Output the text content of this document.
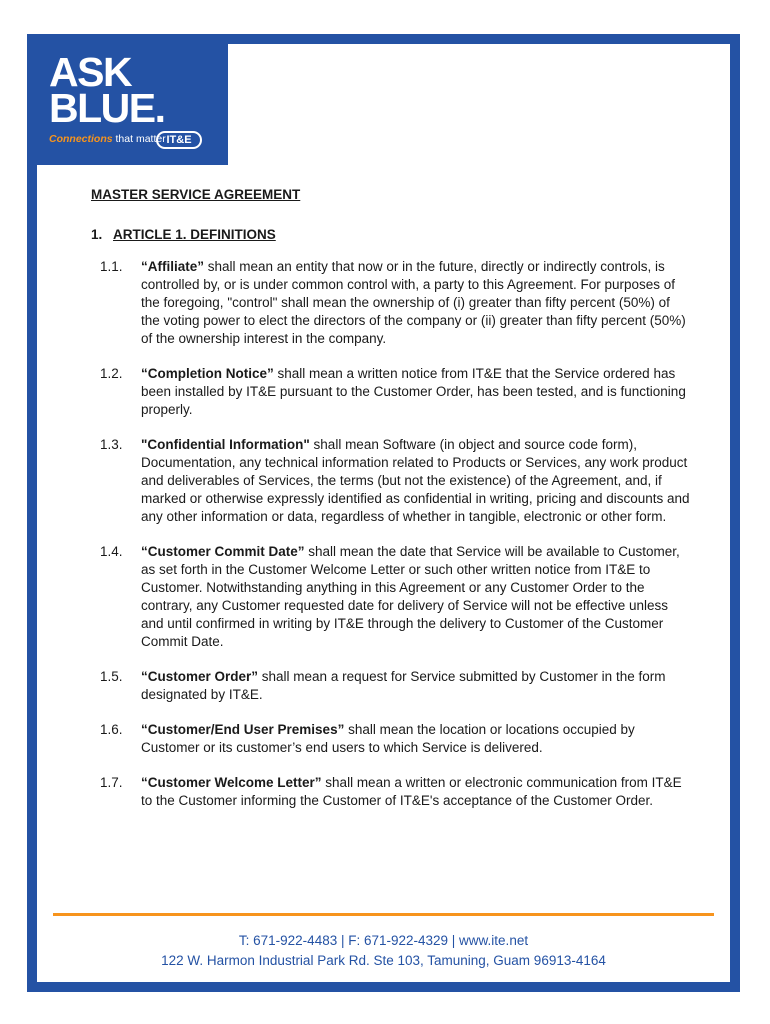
ASK
BLUE.
Connections that matter IT&E
MASTER SERVICE AGREEMENT
1. ARTICLE 1. DEFINITIONS
1.1. “Affiliate” shall mean an entity that now or in the future, directly or indirectly controls, is controlled by, or is under common control with, a party to this Agreement. For purposes of the foregoing, "control" shall mean the ownership of (i) greater than fifty percent (50%) of the voting power to elect the directors of the company or (ii) greater than fifty percent (50%) of the ownership interest in the company.
1.2. “Completion Notice” shall mean a written notice from IT&E that the Service ordered has been installed by IT&E pursuant to the Customer Order, has been tested, and is functioning properly.
1.3. "Confidential Information" shall mean Software (in object and source code form), Documentation, any technical information related to Products or Services, any work product and deliverables of Services, the terms (but not the existence) of the Agreement, and, if marked or otherwise expressly identified as confidential in writing, pricing and discounts and any other information or data, regardless of whether in tangible, electronic or other form.
1.4. “Customer Commit Date” shall mean the date that Service will be available to Customer, as set forth in the Customer Welcome Letter or such other written notice from IT&E to Customer. Notwithstanding anything in this Agreement or any Customer Order to the contrary, any Customer requested date for delivery of Service will not be effective unless and until confirmed in writing by IT&E through the delivery to Customer of the Customer Commit Date.
1.5. “Customer Order” shall mean a request for Service submitted by Customer in the form designated by IT&E.
1.6. “Customer/End User Premises” shall mean the location or locations occupied by Customer or its customer’s end users to which Service is delivered.
1.7. “Customer Welcome Letter” shall mean a written or electronic communication from IT&E to the Customer informing the Customer of IT&E's acceptance of the Customer Order.
T: 671-922-4483 | F: 671-922-4329 | www.ite.net
122 W. Harmon Industrial Park Rd. Ste 103, Tamuning, Guam 96913-4164
